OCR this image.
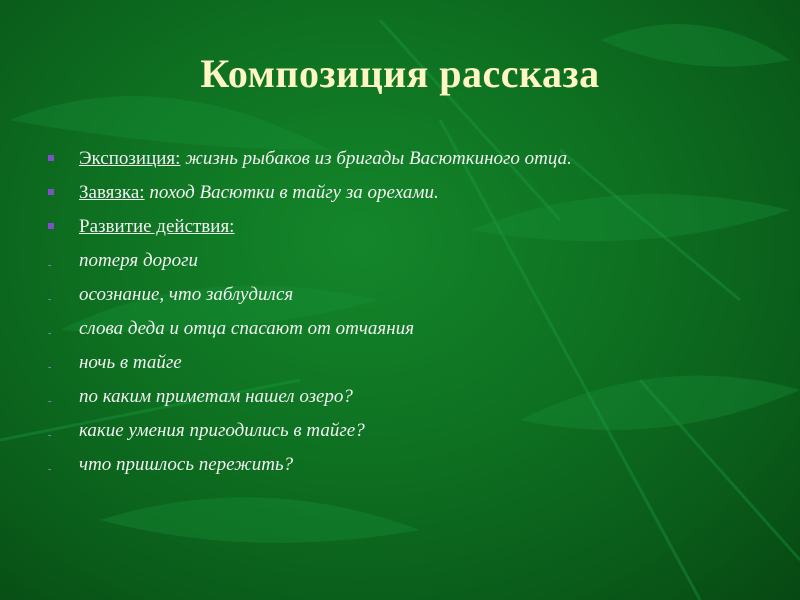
Композиция рассказа
Экспозиция: жизнь рыбаков из бригады Васюткиного отца.
Завязка: поход Васютки в тайгу за орехами.
Развитие действия:
- потеря дороги
- осознание, что заблудился
- слова деда и отца спасают от отчаяния
- ночь в тайге
- по каким приметам нашел озеро?
- какие умения пригодились в тайге?
- что пришлось пережить?
